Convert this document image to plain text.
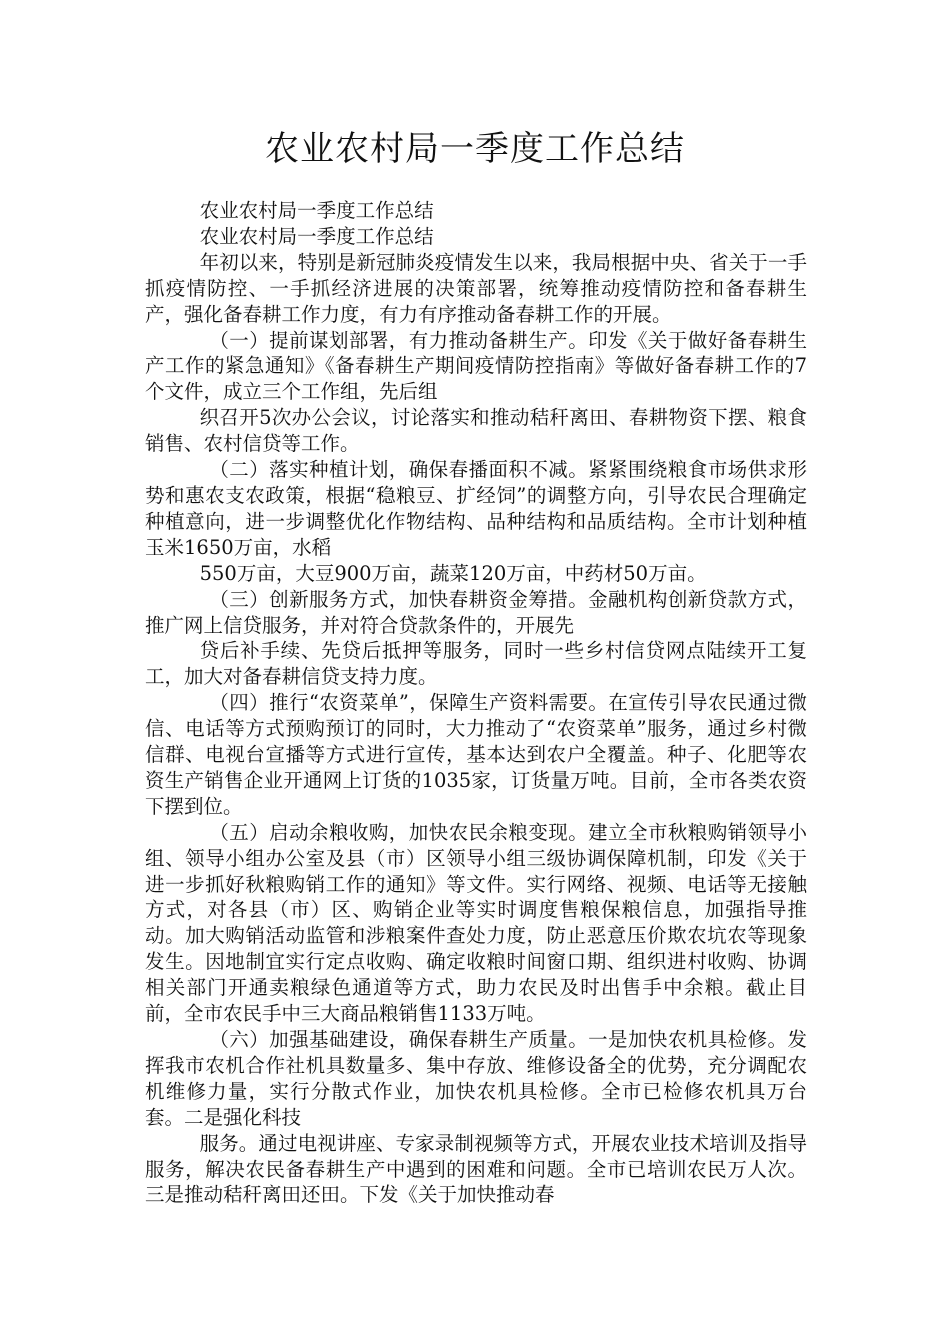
农业农村局一季度工作总结

农业农村局一季度工作总结

农业农村局一季度工作总结

年初以来，特别是新冠肺炎疫情发生以来，我局根据中央、省关于一手抓疫情防控、一手抓经济进展的决策部署，统筹推动疫情防控和备春耕生产，强化备春耕工作力度，有力有序推动备春耕工作的开展。

（一）提前谋划部署，有力推动备耕生产。印发《关于做好备春耕生产工作的紧急通知》《备春耕生产期间疫情防控指南》等做好备春耕工作的7个文件，成立三个工作组，先后组

织召开5次办公会议，讨论落实和推动秸秆离田、春耕物资下摆、粮食销售、农村信贷等工作。

（二）落实种植计划，确保春播面积不减。紧紧围绕粮食市场供求形势和惠农支农政策，根据“稳粮豆、扩经饲”的调整方向，引导农民合理确定种植意向，进一步调整优化作物结构、品种结构和品质结构。全市计划种植玉米1650万亩，水稻

550万亩，大豆900万亩，蔬菜120万亩，中药材50万亩。

（三）创新服务方式，加快春耕资金筹措。金融机构创新贷款方式，推广网上信贷服务，并对符合贷款条件的，开展先

贷后补手续、先贷后抵押等服务，同时一些乡村信贷网点陆续开工复工，加大对备春耕信贷支持力度。

（四）推行“农资菜单”，保障生产资料需要。在宣传引导农民通过微信、电话等方式预购预订的同时，大力推动了“农资菜单”服务，通过乡村微信群、电视台宣播等方式进行宣传，基本达到农户全覆盖。种子、化肥等农资生产销售企业开通网上订货的1035家，订货量万吨。目前，全市各类农资下摆到位。

（五）启动余粮收购，加快农民余粮变现。建立全市秋粮购销领导小组、领导小组办公室及县（市）区领导小组三级协调保障机制，印发《关于进一步抓好秋粮购销工作的通知》等文件。实行网络、视频、电话等无接触方式，对各县（市）区、购销企业等实时调度售粮保粮信息，加强指导推动。加大购销活动监管和涉粮案件查处力度，防止恶意压价欺农坑农等现象发生。因地制宜实行定点收购、确定收粮时间窗口期、组织进村收购、协调相关部门开通卖粮绿色通道等方式，助力农民及时出售手中余粮。截止目前，全市农民手中三大商品粮销售1133万吨。

（六）加强基础建设，确保春耕生产质量。一是加快农机具检修。发挥我市农机合作社机具数量多、集中存放、维修设备全的优势，充分调配农机维修力量，实行分散式作业，加快农机具检修。全市已检修农机具万台套。二是强化科技

服务。通过电视讲座、专家录制视频等方式，开展农业技术培训及指导服务，解决农民备春耕生产中遇到的困难和问题。全市已培训农民万人次。三是推动秸秆离田还田。下发《关于加快推动春
